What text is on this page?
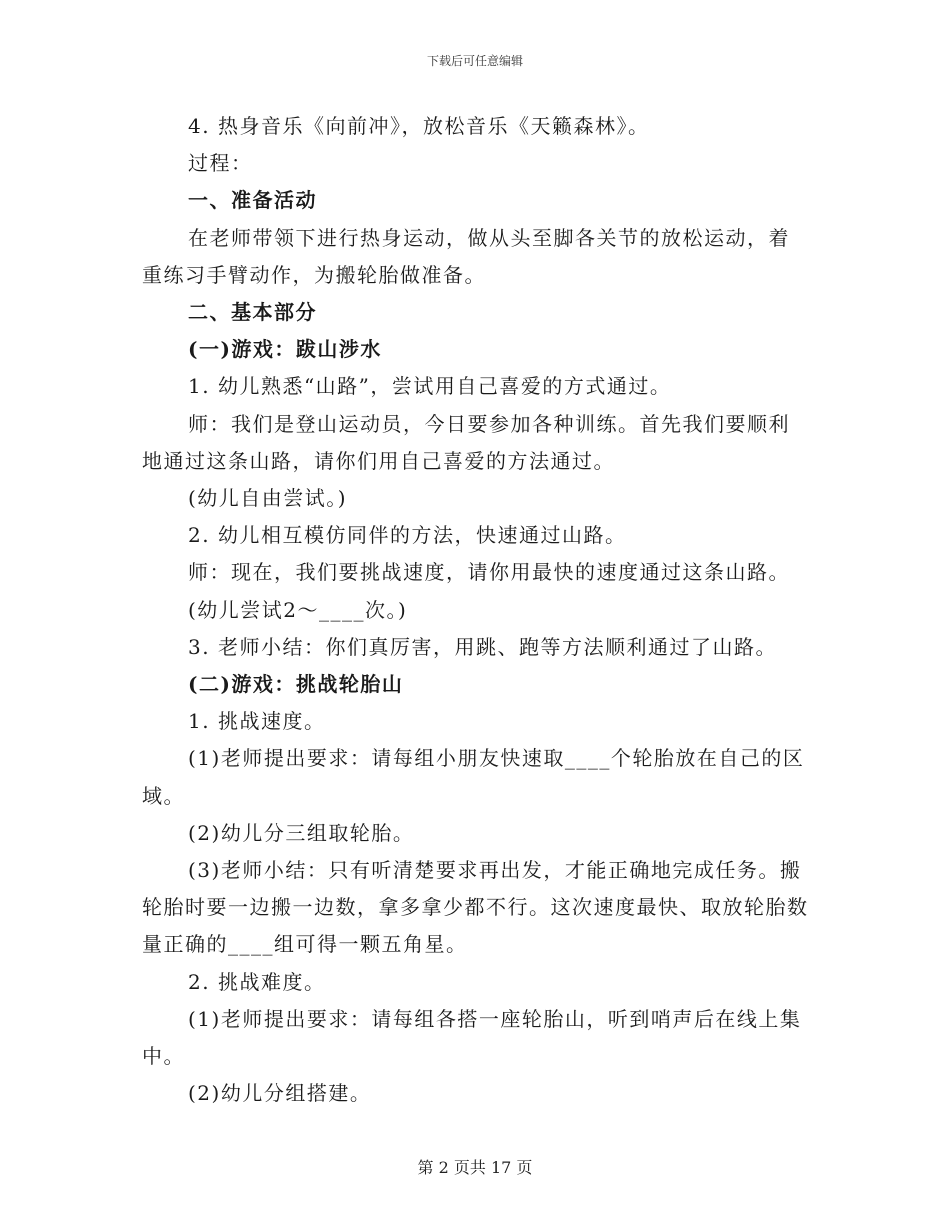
下载后可任意编辑

4. 热身音乐《向前冲》，放松音乐《天籁森林》。

过程：

一、准备活动

在老师带领下进行热身运动，做从头至脚各关节的放松运动，着重练习手臂动作，为搬轮胎做准备。

二、基本部分

(一)游戏：跋山涉水

1. 幼儿熟悉“山路”，尝试用自己喜爱的方式通过。

师：我们是登山运动员，今日要参加各种训练。首先我们要顺利地通过这条山路，请你们用自己喜爱的方法通过。

(幼儿自由尝试。)

2. 幼儿相互模仿同伴的方法，快速通过山路。

师：现在，我们要挑战速度，请你用最快的速度通过这条山路。

(幼儿尝试2～____次。)

3. 老师小结：你们真厉害，用跳、跑等方法顺利通过了山路。

(二)游戏：挑战轮胎山

1. 挑战速度。

(1)老师提出要求：请每组小朋友快速取____个轮胎放在自己的区域。

(2)幼儿分三组取轮胎。

(3)老师小结：只有听清楚要求再出发，才能正确地完成任务。搬轮胎时要一边搬一边数，拿多拿少都不行。这次速度最快、取放轮胎数量正确的____组可得一颗五角星。

2. 挑战难度。

(1)老师提出要求：请每组各搭一座轮胎山，听到哨声后在线上集中。

(2)幼儿分组搭建。

第 2 页共 17 页
